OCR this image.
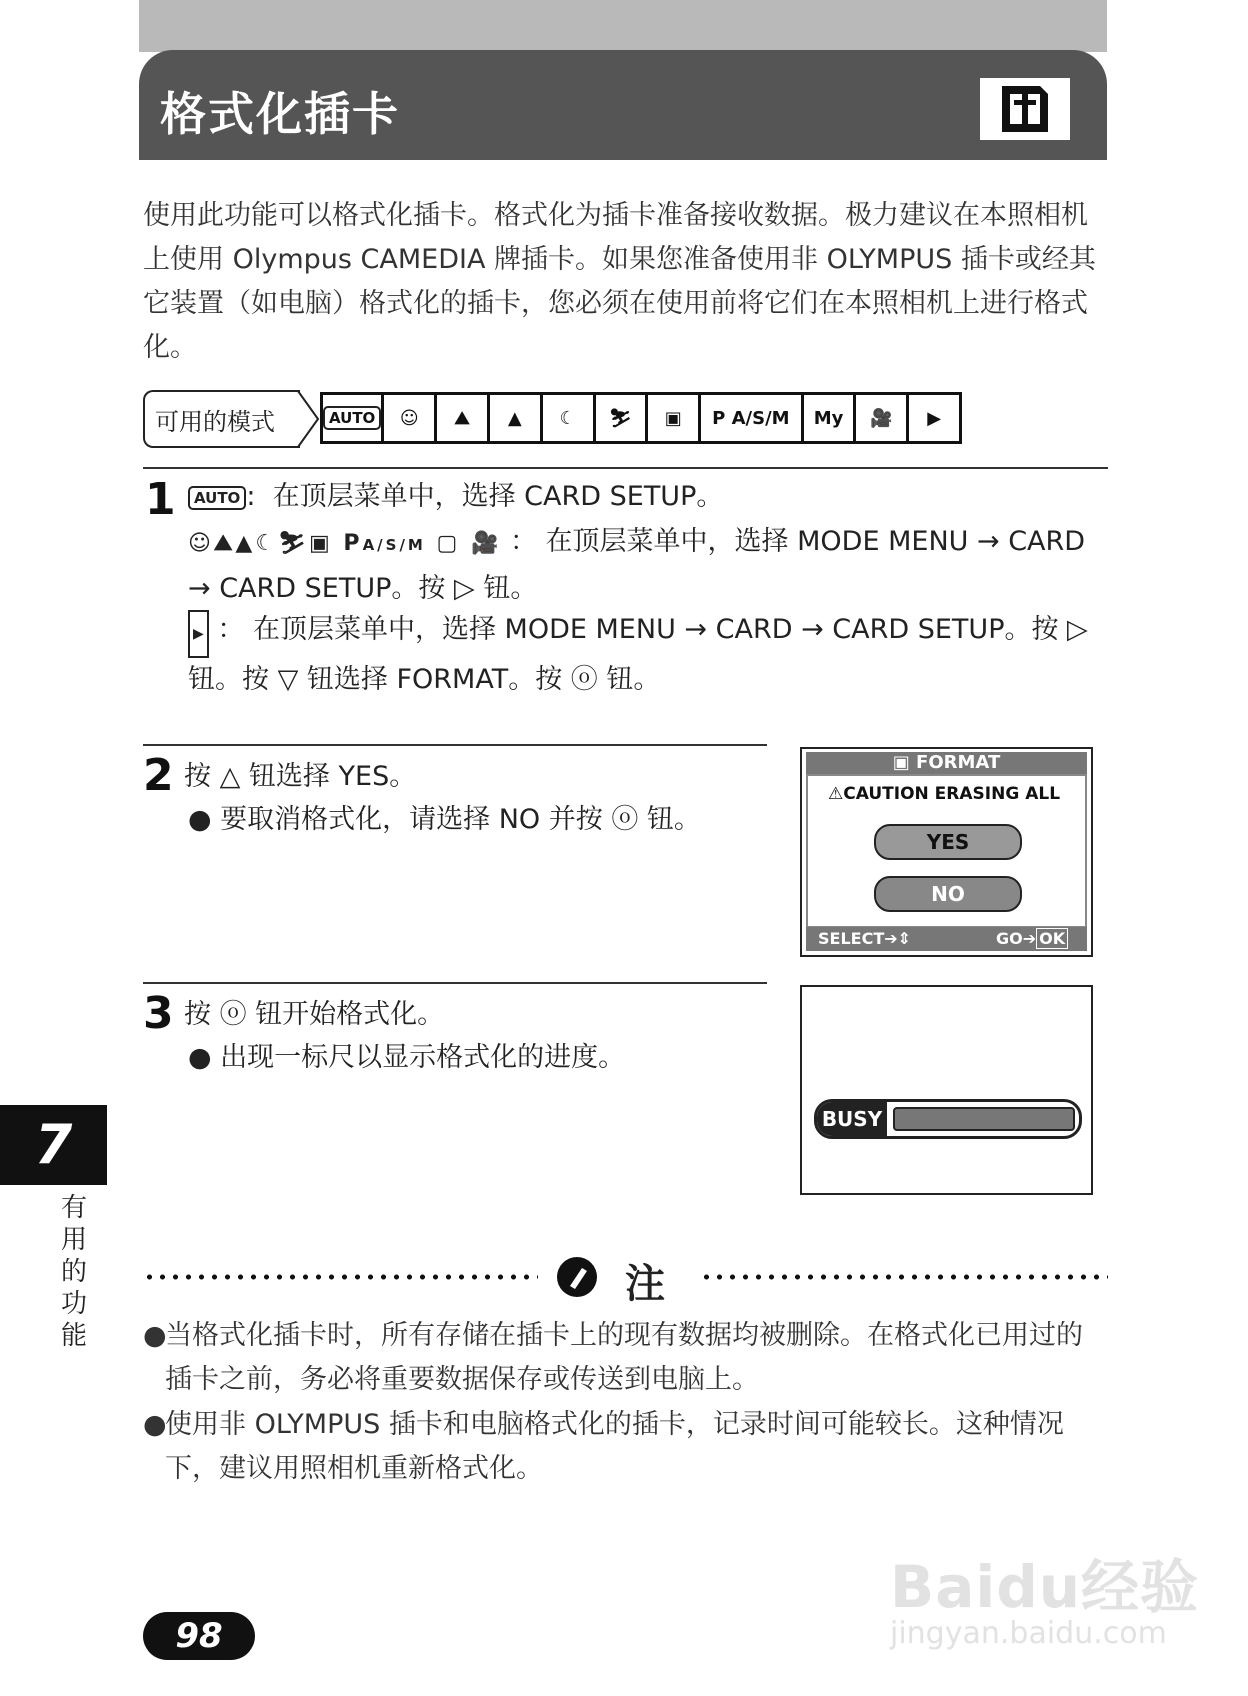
格式化插卡
使用此功能可以格式化插卡。格式化为插卡准备接收数据。极力建议在本照相机上使用 Olympus CAMEDIA 牌插卡。如果您准备使用非 OLYMPUS 插卡或经其它装置（如电脑）格式化的插卡，您必须在使用前将它们在本照相机上进行格式化。
可用的模式	AUTO	☺	⛰	▲	☾	⛷	▣	P A/S/M My	🎥	▶
1	AUTO :  在顶层菜单中，选择 CARD SETUP。
☺⛰▲☾⛷▣ PA/S/M ▢ 🎥 ： 在顶层菜单中，选择 MODE MENU → CARD → CARD SETUP。按 ▷ 钮。
▶ ： 在顶层菜单中，选择 MODE MENU → CARD → CARD SETUP。按 ▷ 钮。按 ▽ 钮选择 FORMAT。按 ⓞ 钮。
2 按 △ 钮选择 YES。
● 要取消格式化，请选择 NO 并按 ⓞ 钮。
▣ FORMAT
⚠CAUTION ERASING ALL
YES
NO
SELECT➔⇕	GO➔ OK
3 按 ⓞ 钮开始格式化。
● 出现一标尺以显示格式化的进度。
BUSY
7
有用的功能
注
●
当格式化插卡时，所有存储在插卡上的现有数据均被删除。在格式化已用过的插卡之前，务必将重要数据保存或传送到电脑上。
●
使用非 OLYMPUS 插卡和电脑格式化的插卡，记录时间可能较长。这种情况下，建议用照相机重新格式化。
98
Baidu经验
jingyan.baidu.com
